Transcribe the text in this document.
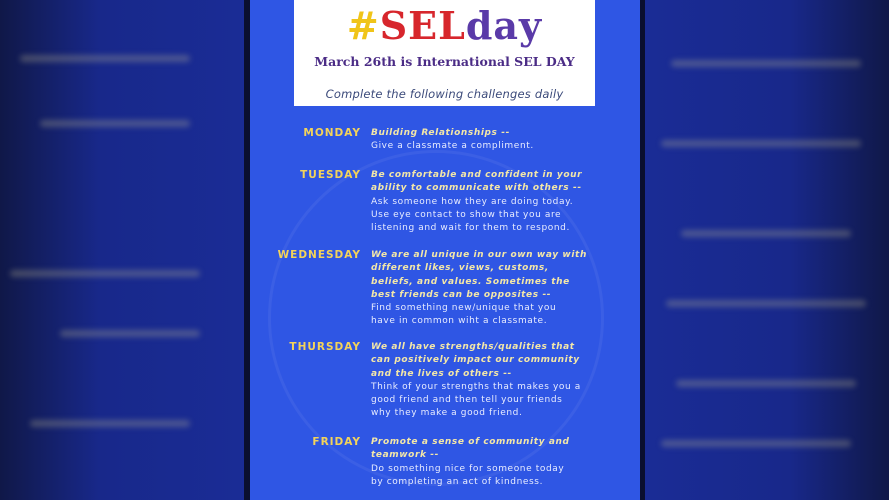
#SELday

March 26th is International SEL DAY

Complete the following challenges daily

MONDAY Building Relationships --
Give a classmate a compliment.
TUESDAY Be comfortable and confident in your
ability to communicate with others --
Ask someone how they are doing today.
Use eye contact to show that you are
listening and wait for them to respond.
WEDNESDAY We are all unique in our own way with
different likes, views, customs,
beliefs, and values. Sometimes the
best friends can be opposites --
Find something new/unique that you
have in common wiht a classmate.
THURSDAY We all have strengths/qualities that
can positively impact our community
and the lives of others --
Think of your strengths that makes you a
good friend and then tell your friends
why they make a good friend.
FRIDAY Promote a sense of community and
teamwork --
Do something nice for someone today
by completing an act of kindness.
